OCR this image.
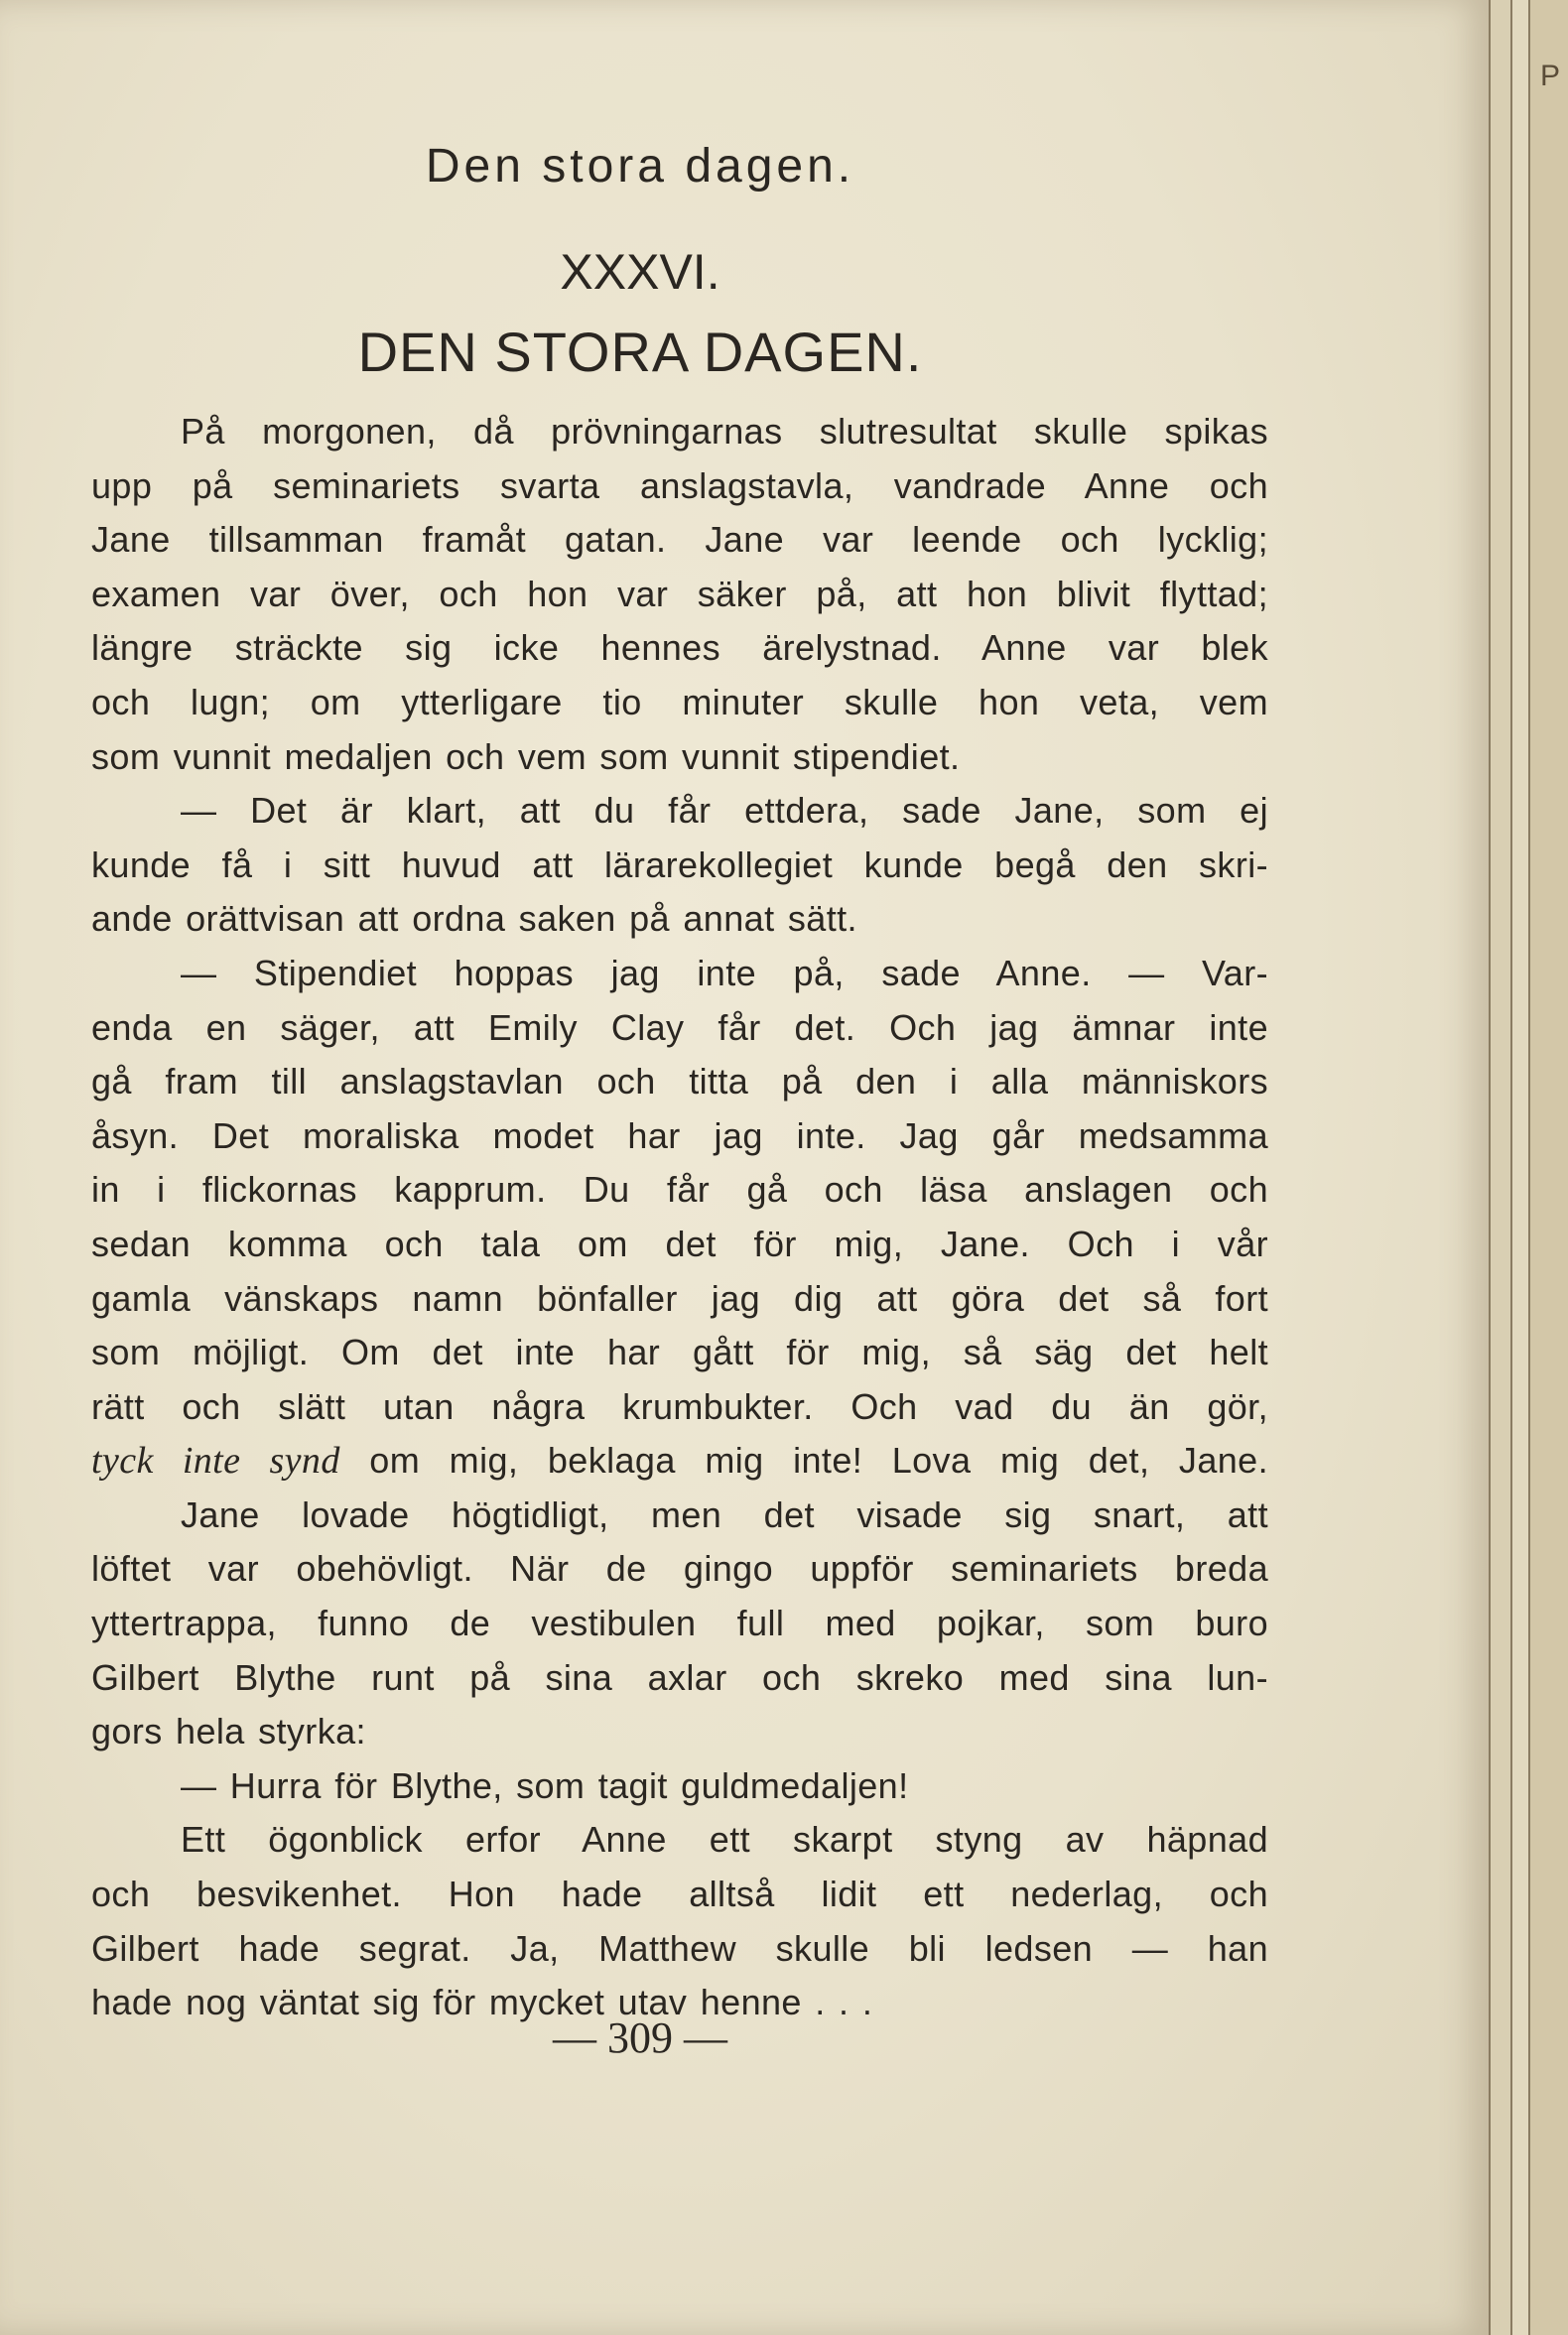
Den stora dagen.
XXXVI.
DEN STORA DAGEN.
På morgonen, då prövningarnas slutresultat skulle spikas
upp på seminariets svarta anslagstavla, vandrade Anne och
Jane tillsamman framåt gatan. Jane var leende och lycklig;
examen var över, och hon var säker på, att hon blivit flyttad;
längre sträckte sig icke hennes ärelystnad. Anne var blek
och lugn; om ytterligare tio minuter skulle hon veta, vem
som vunnit medaljen och vem som vunnit stipendiet.
— Det är klart, att du får ettdera, sade Jane, som ej
kunde få i sitt huvud att lärarekollegiet kunde begå den skri-
ande orättvisan att ordna saken på annat sätt.
— Stipendiet hoppas jag inte på, sade Anne. — Var-
enda en säger, att Emily Clay får det. Och jag ämnar inte
gå fram till anslagstavlan och titta på den i alla människors
åsyn. Det moraliska modet har jag inte. Jag går medsamma
in i flickornas kapprum. Du får gå och läsa anslagen och
sedan komma och tala om det för mig, Jane. Och i vår
gamla vänskaps namn bönfaller jag dig att göra det så fort
som möjligt. Om det inte har gått för mig, så säg det helt
rätt och slätt utan några krumbukter. Och vad du än gör,
tyck inte synd om mig, beklaga mig inte! Lova mig det, Jane.
Jane lovade högtidligt, men det visade sig snart, att
löftet var obehövligt. När de gingo uppför seminariets breda
yttertrappa, funno de vestibulen full med pojkar, som buro
Gilbert Blythe runt på sina axlar och skreko med sina lun-
gors hela styrka:
— Hurra för Blythe, som tagit guldmedaljen!
Ett ögonblick erfor Anne ett skarpt styng av häpnad
och besvikenhet. Hon hade alltså lidit ett nederlag, och
Gilbert hade segrat. Ja, Matthew skulle bli ledsen — han
hade nog väntat sig för mycket utav henne . . .
— 309 —
P
